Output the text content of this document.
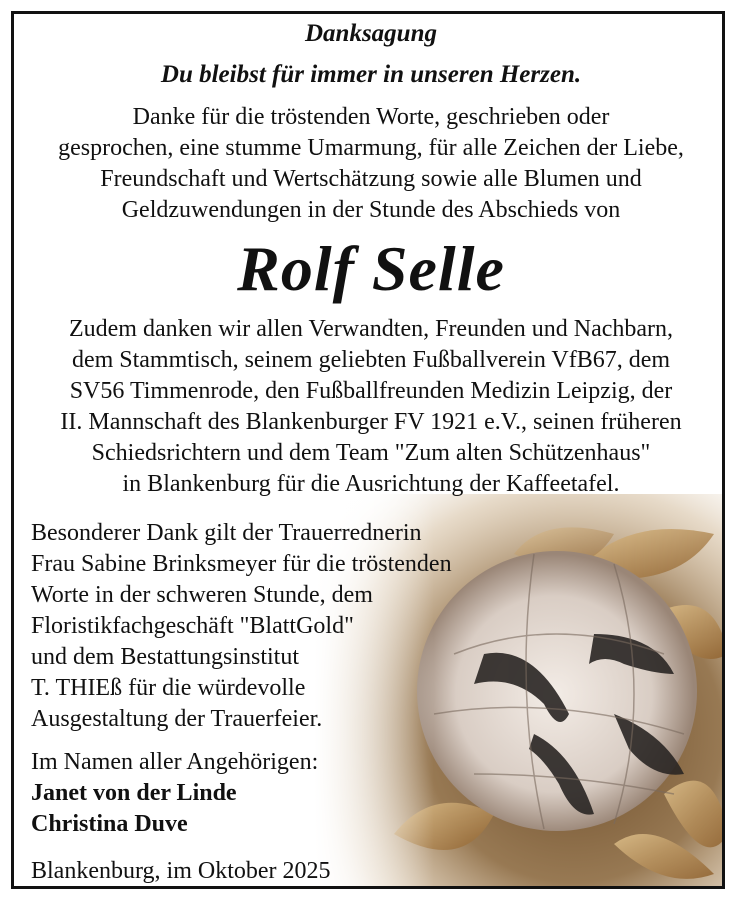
Danksagung
Du bleibst für immer in unseren Herzen.
Danke für die tröstenden Worte, geschrieben oder
gesprochen, eine stumme Umarmung, für alle Zeichen der Liebe,
Freundschaft und Wertschätzung sowie alle Blumen und
Geldzuwendungen in der Stunde des Abschieds von
Rolf Selle
Zudem danken wir allen Verwandten, Freunden und Nachbarn,
dem Stammtisch, seinem geliebten Fußballverein VfB67, dem
SV56 Timmenrode, den Fußballfreunden Medizin Leipzig, der
II. Mannschaft des Blankenburger FV 1921 e.V., seinen früheren
Schiedsrichtern und dem Team "Zum alten Schützenhaus"
in Blankenburg für die Ausrichtung der Kaffeetafel.
Besonderer Dank gilt der Trauerrednerin
Frau Sabine Brinksmeyer für die tröstenden
Worte in der schweren Stunde, dem
Floristikfachgeschäft "BlattGold"
und dem Bestattungsinstitut
T. THIEß für die würdevolle
Ausgestaltung der Trauerfeier.
Im Namen aller Angehörigen:
Janet von der Linde
Christina Duve
Blankenburg, im Oktober 2025
